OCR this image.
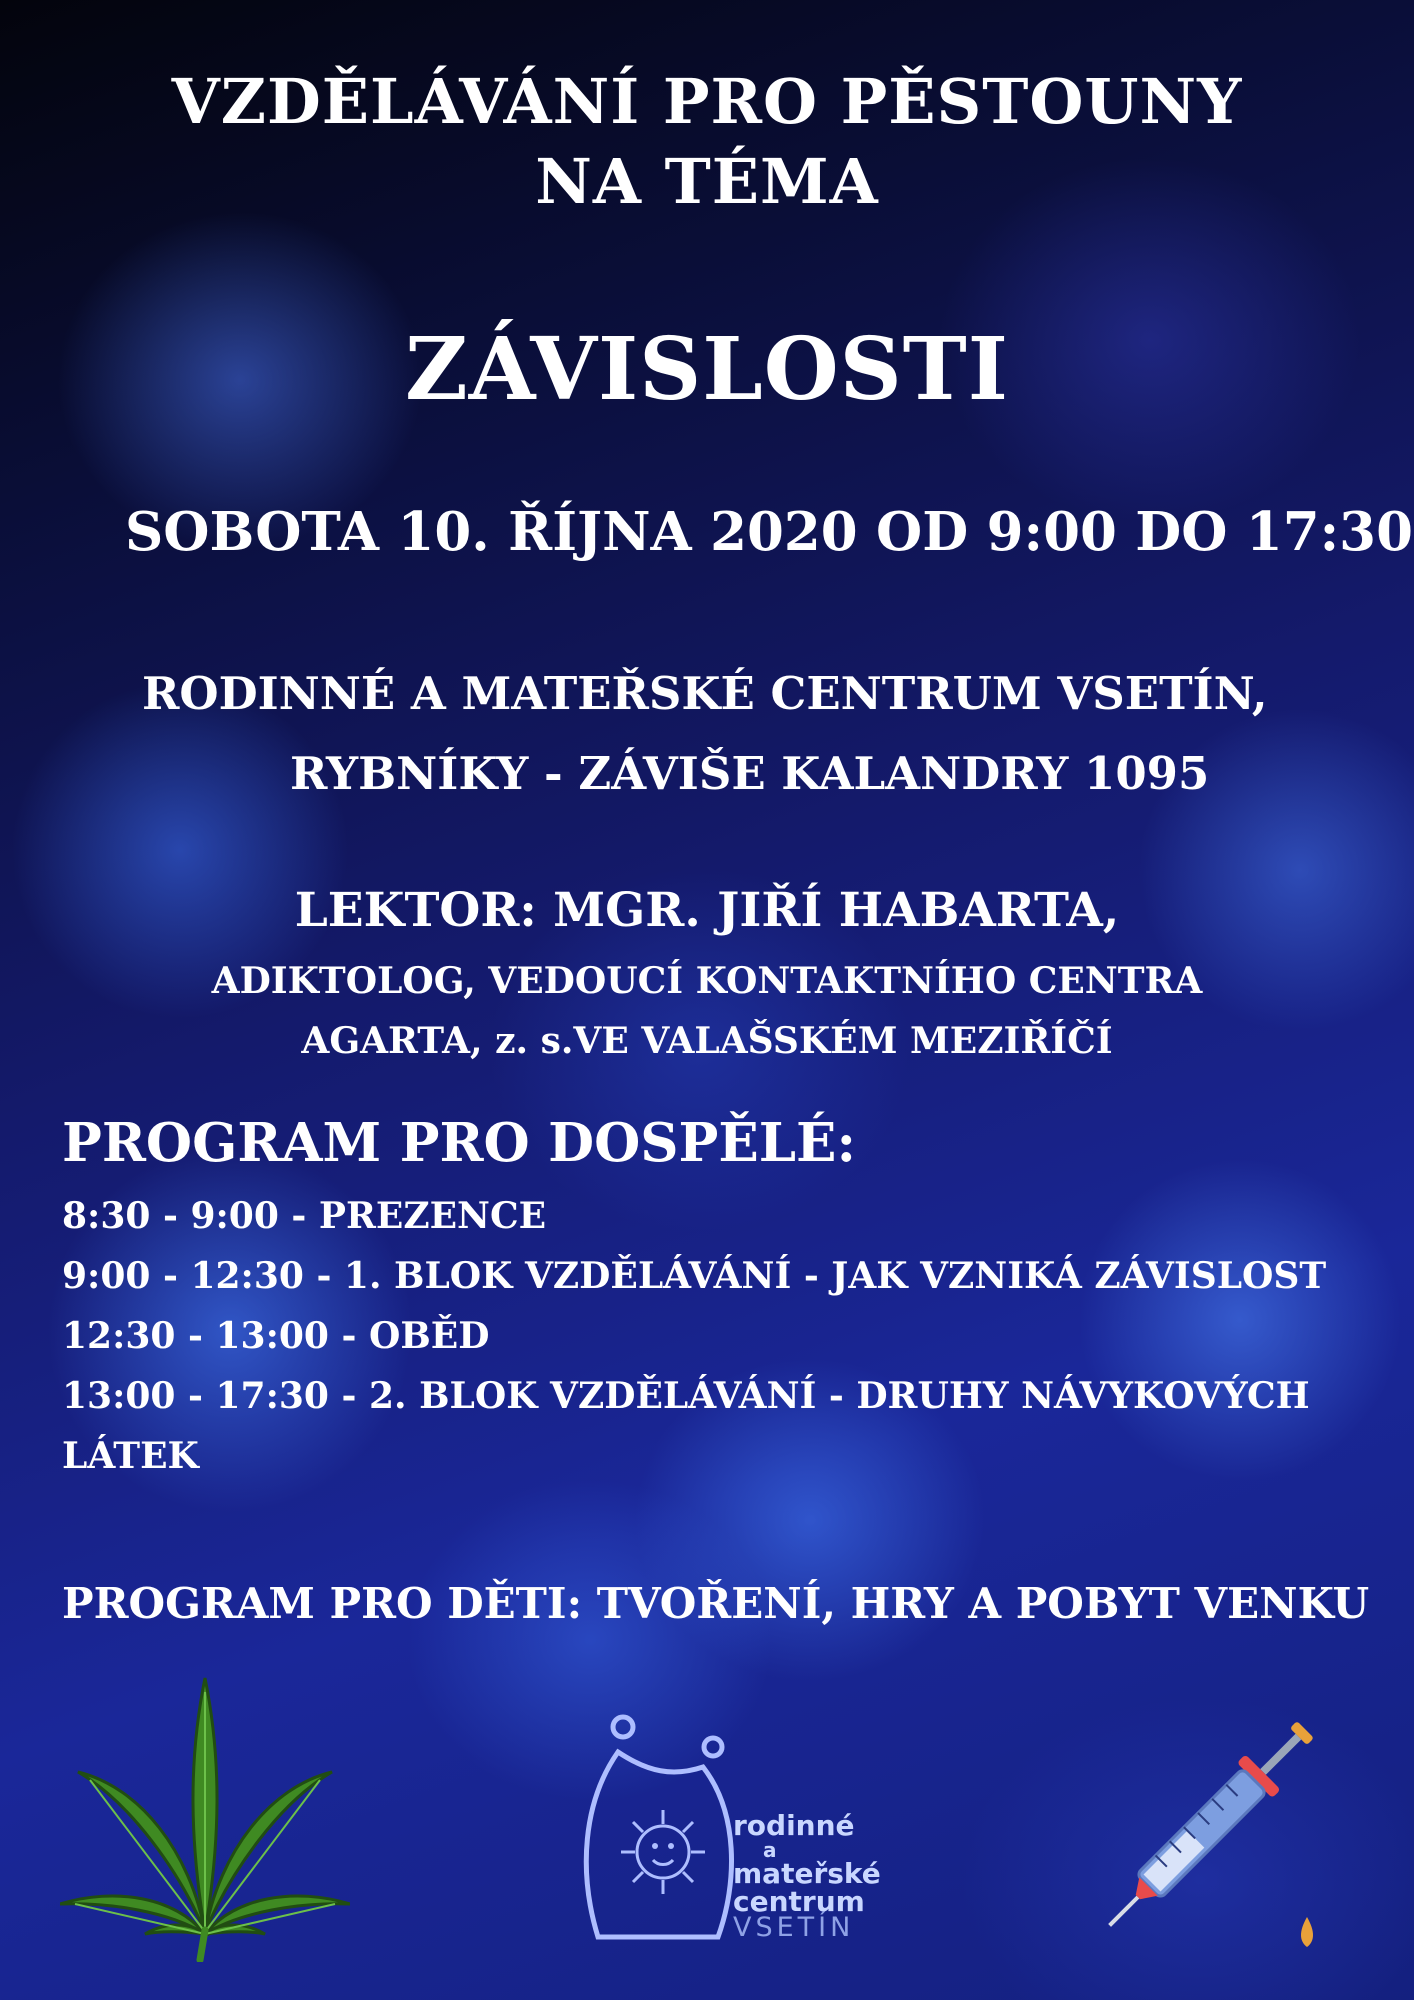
VZDĚLÁVÁNÍ PRO PĚSTOUNY
NA TÉMA
ZÁVISLOSTI
SOBOTA 10. ŘÍJNA 2020 OD 9:00 DO 17:30
RODINNÉ A MATEŘSKÉ CENTRUM VSETÍN,
RYBNÍKY - ZÁVIŠE KALANDRY 1095
LEKTOR: MGR. JIŘÍ HABARTA,
ADIKTOLOG, VEDOUCÍ KONTAKTNÍHO CENTRA
AGARTA, z. s.VE VALAŠSKÉM MEZIŘÍČÍ
PROGRAM PRO DOSPĚLÉ:
8:30 - 9:00 - PREZENCE
9:00 - 12:30 - 1. BLOK VZDĚLÁVÁNÍ - JAK VZNIKÁ ZÁVISLOST
12:30 - 13:00 - OBĚD
13:00 - 17:30 - 2. BLOK VZDĚLÁVÁNÍ - DRUHY NÁVYKOVÝCH
LÁTEK
PROGRAM PRO DĚTI: TVOŘENÍ, HRY A POBYT VENKU
rodinné
a
mateřské
centrum
VSETÍN
